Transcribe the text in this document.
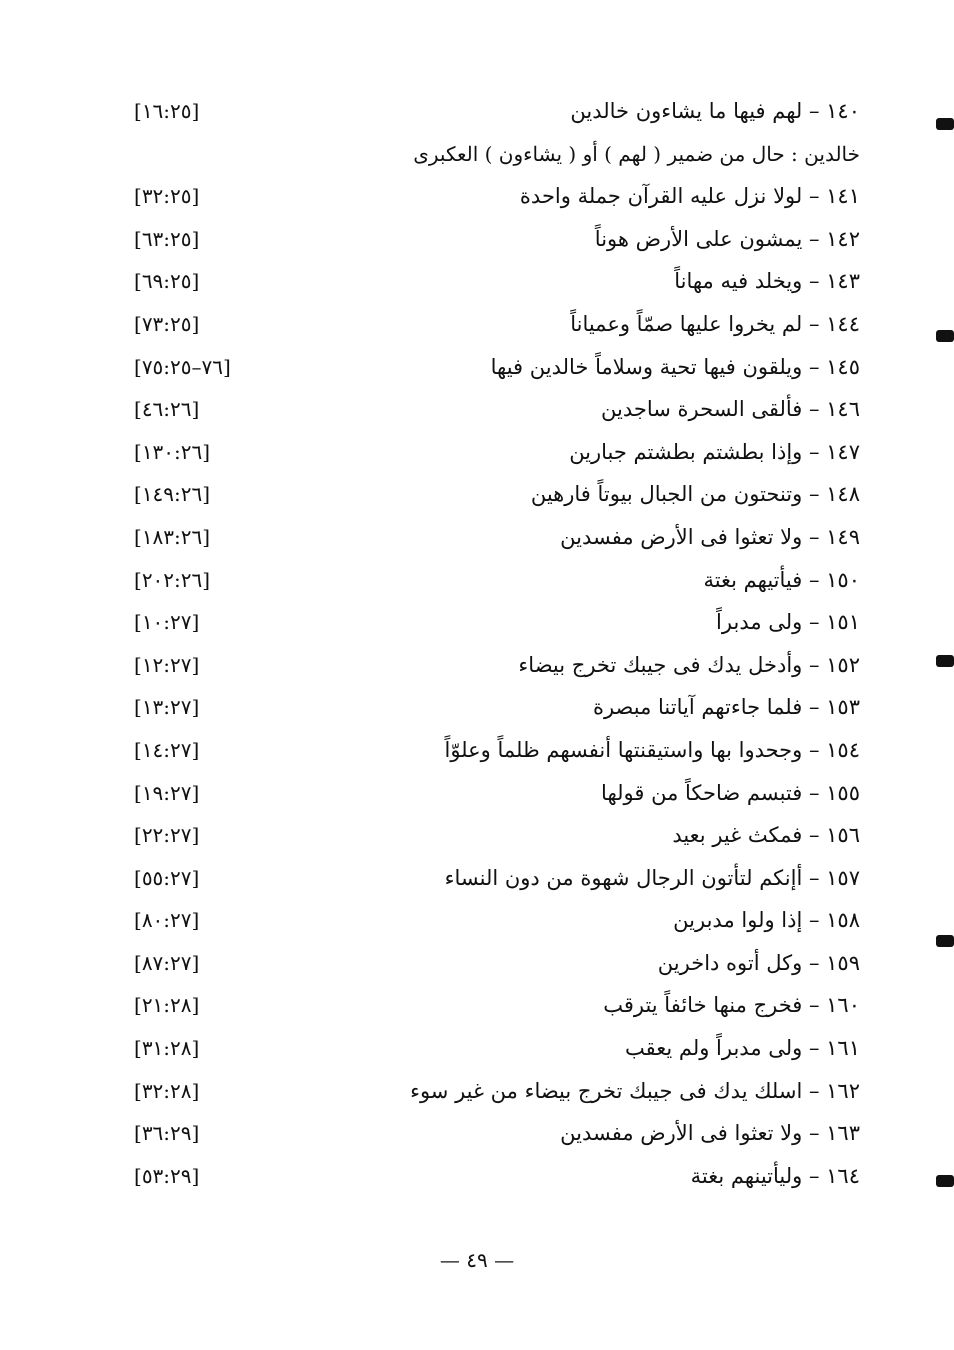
١٤٠ – لهم فيها ما يشاءون خالدين
[١٦:٢٥]
خالدين : حال من ضمير ( لهم ) أو ( يشاءون ) العكبرى
١٤١ – لولا نزل عليه القرآن جملة واحدة
[٣٢:٢٥]
١٤٢ – يمشون على الأرض هوناً
[٦٣:٢٥]
١٤٣ – ويخلد فيه مهاناً
[٦٩:٢٥]
١٤٤ – لم يخروا عليها صمّاً وعمياناً
[٧٣:٢٥]
١٤٥ – ويلقون فيها تحية وسلاماً خالدين فيها
[٧٦–٧٥:٢٥]
١٤٦ – فألقى السحرة ساجدين
[٤٦:٢٦]
١٤٧ – وإذا بطشتم بطشتم جبارين
[١٣٠:٢٦]
١٤٨ – وتنحتون من الجبال بيوتاً فارهين
[١٤٩:٢٦]
١٤٩ – ولا تعثوا فى الأرض مفسدين
[١٨٣:٢٦]
١٥٠ – فيأتيهم بغتة
[٢٠٢:٢٦]
١٥١ – ولى مدبراً
[١٠:٢٧]
١٥٢ – وأدخل يدك فى جيبك تخرج بيضاء
[١٢:٢٧]
١٥٣ – فلما جاءتهم آياتنا مبصرة
[١٣:٢٧]
١٥٤ – وجحدوا بها واستيقنتها أنفسهم ظلماً وعلوّاً
[١٤:٢٧]
١٥٥ – فتبسم ضاحكاً من قولها
[١٩:٢٧]
١٥٦ – فمكث غير بعيد
[٢٢:٢٧]
١٥٧ – أإنكم لتأتون الرجال شهوة من دون النساء
[٥٥:٢٧]
١٥٨ – إذا ولوا مدبرين
[٨٠:٢٧]
١٥٩ – وكل أتوه داخرين
[٨٧:٢٧]
١٦٠ – فخرج منها خائفاً يترقب
[٢١:٢٨]
١٦١ – ولى مدبراً ولم يعقب
[٣١:٢٨]
١٦٢ – اسلك يدك فى جيبك تخرج بيضاء من غير سوء
[٣٢:٢٨]
١٦٣ – ولا تعثوا فى الأرض مفسدين
[٣٦:٢٩]
١٦٤ – وليأتينهم بغتة
[٥٣:٢٩]
— ٤٩ —
